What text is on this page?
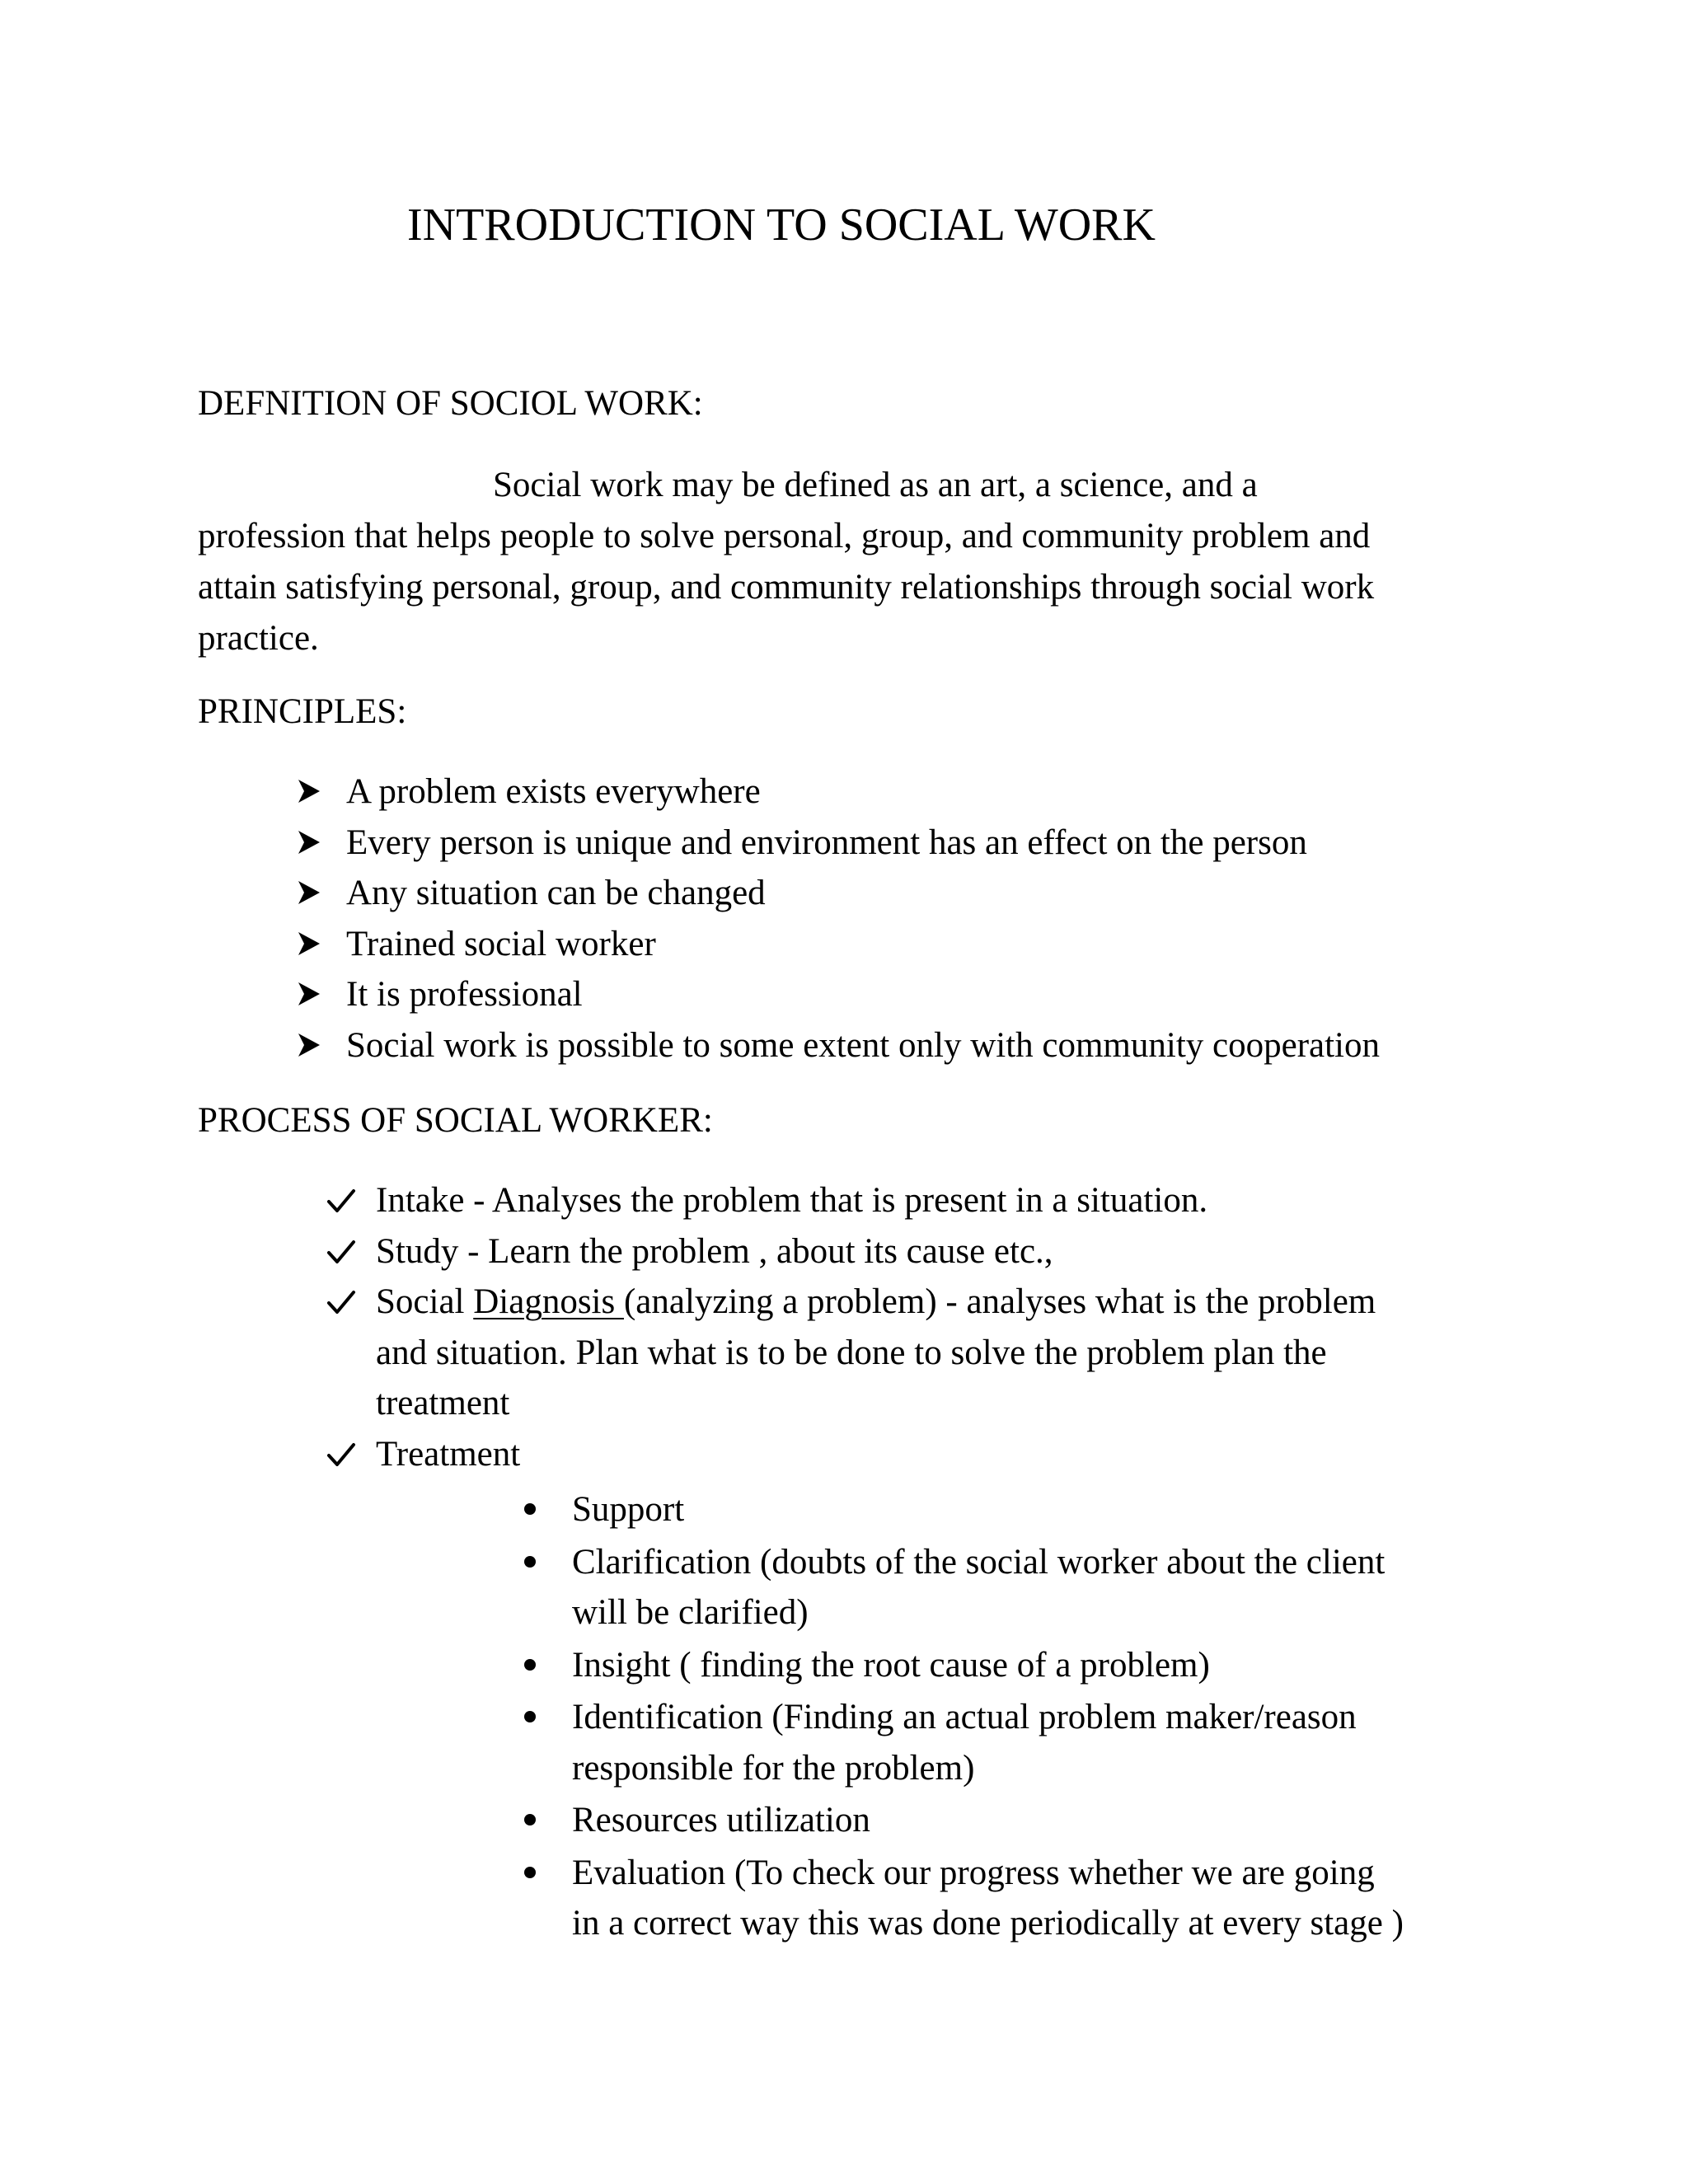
INTRODUCTION TO SOCIAL WORK
DEFNITION OF SOCIOL WORK:
Social work may be defined as an art, a science, and a
profession that helps people to solve personal, group, and community problem and
attain satisfying personal, group, and community relationships through social work
practice.
PRINCIPLES:
A problem exists everywhere
Every person is unique and environment has an effect on the person
Any situation can be changed
Trained social worker
It is professional
Social work is possible to some extent only with community cooperation
PROCESS OF SOCIAL WORKER:
Intake - Analyses the problem that is present in a situation.
Study - Learn the problem , about its cause etc.,
Social Diagnosis (analyzing a problem) - analyses what is the problem
and situation. Plan what is to be done to solve the problem plan the
treatment
Treatment
Support
Clarification (doubts of the social worker about the client
will be clarified)
Insight ( finding the root cause of a problem)
Identification (Finding an actual problem maker/reason
responsible for the problem)
Resources utilization
Evaluation (To check our progress whether we are going
in a correct way this was done periodically at every stage )
